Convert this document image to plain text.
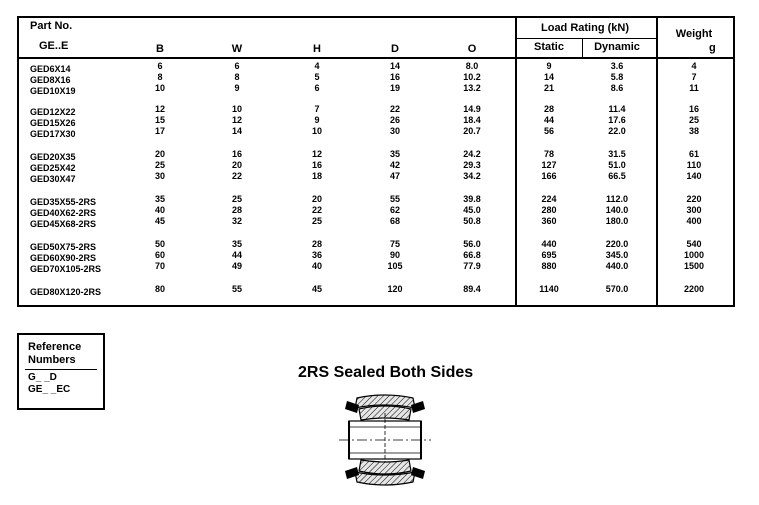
Part No.
GE..E	B	W	H	D	O
Load Rating (kN)
Static	Dynamic
Weight
g
GED6X14	6	6	4	14	8.0	9	3.6	4
GED8X16	8	8	5	16	10.2	14	5.8	7
GED10X19	10	9	6	19	13.2	21	8.6	11
GED12X22	12	10	7	22	14.9	28	11.4	16
GED15X26	15	12	9	26	18.4	44	17.6	25
GED17X30	17	14	10	30	20.7	56	22.0	38
GED20X35	20	16	12	35	24.2	78	31.5	61
GED25X42	25	20	16	42	29.3	127	51.0	110
GED30X47	30	22	18	47	34.2	166	66.5	140
GED35X55-2RS	35	25	20	55	39.8	224	112.0	220
GED40X62-2RS	40	28	22	62	45.0	280	140.0	300
GED45X68-2RS	45	32	25	68	50.8	360	180.0	400
GED50X75-2RS	50	35	28	75	56.0	440	220.0	540
GED60X90-2RS	60	44	36	90	66.8	695	345.0	1000
GED70X105-2RS	70	49	40	105	77.9	880	440.0	1500
GED80X120-2RS	80	55	45	120	89.4	1140	570.0	2200
Reference
Numbers
G_ _D
GE_ _EC
2RS Sealed Both Sides
